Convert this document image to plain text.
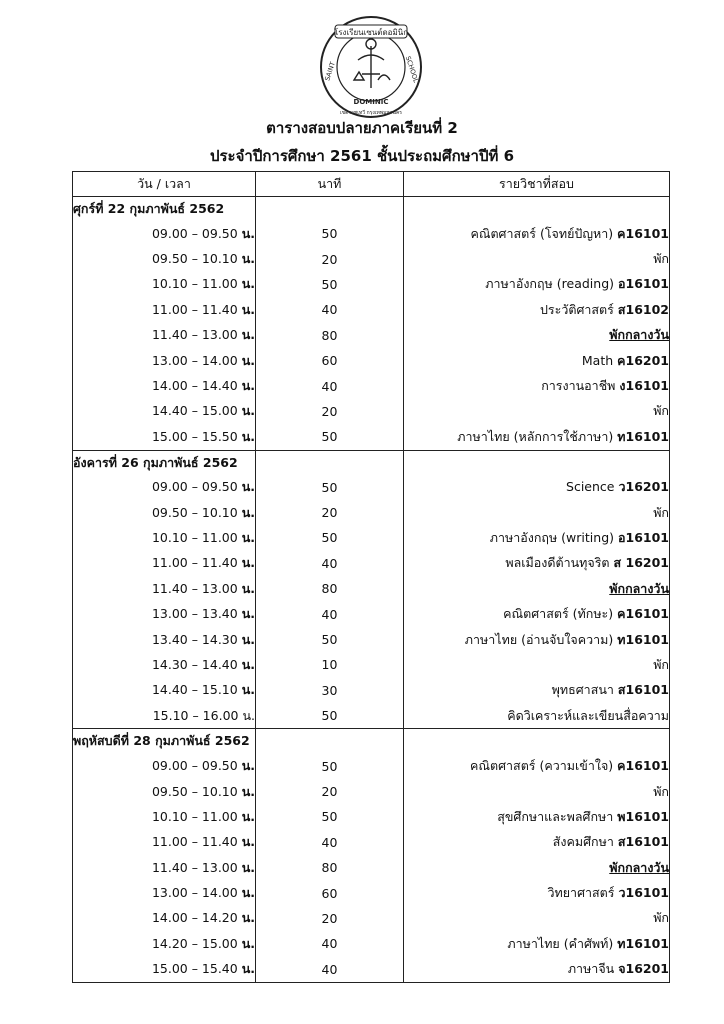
โรงเรียนเซนต์ดอมินิก
SCHOOL
SAINT
DOMINIC
เขตราชเทวี กรุงเทพมหานคร
ตารางสอบปลายภาคเรียนที่ 2
ประจำปีการศึกษา 2561 ชั้นประถมศึกษาปีที่ 6
วัน / เวลา	นาที	รายวิชาที่สอบ
ศุกร์ที่ 22 กุมภาพันธ์ 2562		
09.00 – 09.50 น.	50	คณิตศาสตร์ (โจทย์ปัญหา) ค16101
09.50 – 10.10 น.	20	พัก
10.10 – 11.00 น.	50	ภาษาอังกฤษ (reading) อ16101
11.00 – 11.40 น.	40	ประวัติศาสตร์ ส16102
11.40 – 13.00 น.	80	พักกลางวัน
13.00 – 14.00 น.	60	Math ค16201
14.00 – 14.40 น.	40	การงานอาชีพ ง16101
14.40 – 15.00 น.	20	พัก
15.00 – 15.50 น.	50	ภาษาไทย (หลักการใช้ภาษา) ท16101
อังคารที่ 26 กุมภาพันธ์ 2562		
09.00 – 09.50 น.	50	Science ว16201
09.50 – 10.10 น.	20	พัก
10.10 – 11.00 น.	50	ภาษาอังกฤษ (writing) อ16101
11.00 – 11.40 น.	40	พลเมืองดีต้านทุจริต ส 16201
11.40 – 13.00 น.	80	พักกลางวัน
13.00 – 13.40 น.	40	คณิตศาสตร์ (ทักษะ) ค16101
13.40 – 14.30 น.	50	ภาษาไทย (อ่านจับใจความ) ท16101
14.30 – 14.40 น.	10	พัก
14.40 – 15.10 น.	30	พุทธศาสนา ส16101
15.10 – 16.00 น.	50	คิดวิเคราะห์และเขียนสื่อความ
พฤหัสบดีที่ 28 กุมภาพันธ์ 2562		
09.00 – 09.50 น.	50	คณิตศาสตร์ (ความเข้าใจ) ค16101
09.50 – 10.10 น.	20	พัก
10.10 – 11.00 น.	50	สุขศึกษาและพลศึกษา พ16101
11.00 – 11.40 น.	40	สังคมศึกษา ส16101
11.40 – 13.00 น.	80	พักกลางวัน
13.00 – 14.00 น.	60	วิทยาศาสตร์ ว16101
14.00 – 14.20 น.	20	พัก
14.20 – 15.00 น.	40	ภาษาไทย (คำศัพท์) ท16101
15.00 – 15.40 น.	40	ภาษาจีน จ16201
